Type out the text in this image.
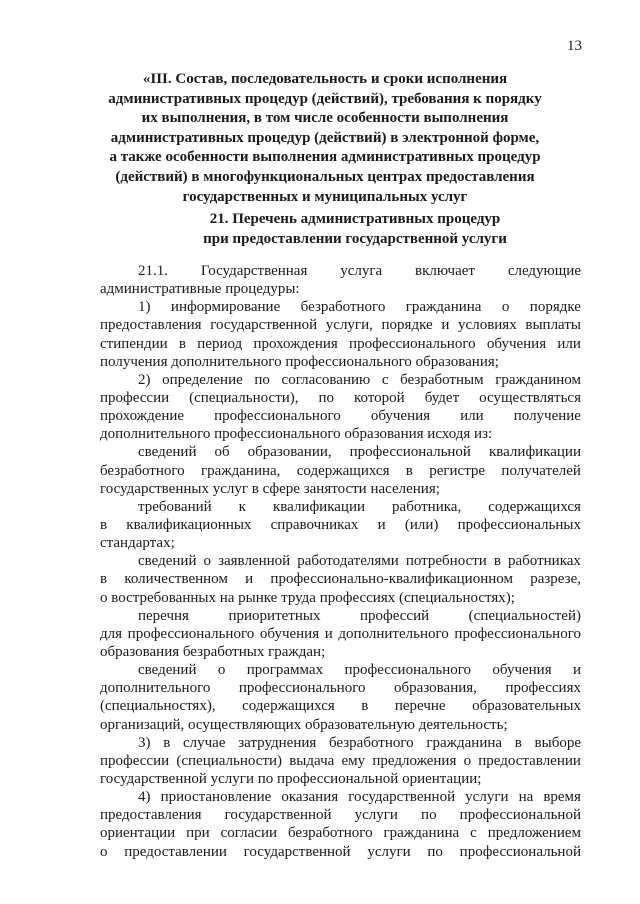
13
«III. Состав, последовательность и сроки исполнения
административных процедур (действий), требования к порядку
их выполнения, в том числе особенности выполнения
административных процедур (действий) в электронной форме,
а также особенности выполнения административных процедур
(действий) в многофункциональных центрах предоставления
государственных и муниципальных услуг
21. Перечень административных процедур
при предоставлении государственной услуги
21.1. Государственная услуга включает следующие
административные процедуры:
1) информирование безработного гражданина о порядке
предоставления государственной услуги, порядке и условиях выплаты
стипендии в период прохождения профессионального обучения или
получения дополнительного профессионального образования;
2) определение по согласованию с безработным гражданином
профессии (специальности), по которой будет осуществляться
прохождение профессионального обучения или получение
дополнительного профессионального образования исходя из:
сведений об образовании, профессиональной квалификации
безработного гражданина, содержащихся в регистре получателей
государственных услуг в сфере занятости населения;
требований к квалификации работника, содержащихся
в квалификационных справочниках и (или) профессиональных
стандартах;
сведений о заявленной работодателями потребности в работниках
в количественном и профессионально-квалификационном разрезе,
о востребованных на рынке труда профессиях (специальностях);
перечня	приоритетных	профессий	(специальностей)
для профессионального обучения и дополнительного профессионального
образования безработных граждан;
сведений о программах профессионального обучения и
дополнительного профессионального образования, профессиях
(специальностях), содержащихся в перечне образовательных
организаций, осуществляющих образовательную деятельность;
3) в случае затруднения безработного гражданина в выборе
профессии (специальности) выдача ему предложения о предоставлении
государственной услуги по профессиональной ориентации;
4) приостановление оказания государственной услуги на время
предоставления государственной услуги по профессиональной
ориентации при согласии безработного гражданина с предложением
о предоставлении государственной услуги по профессиональной
